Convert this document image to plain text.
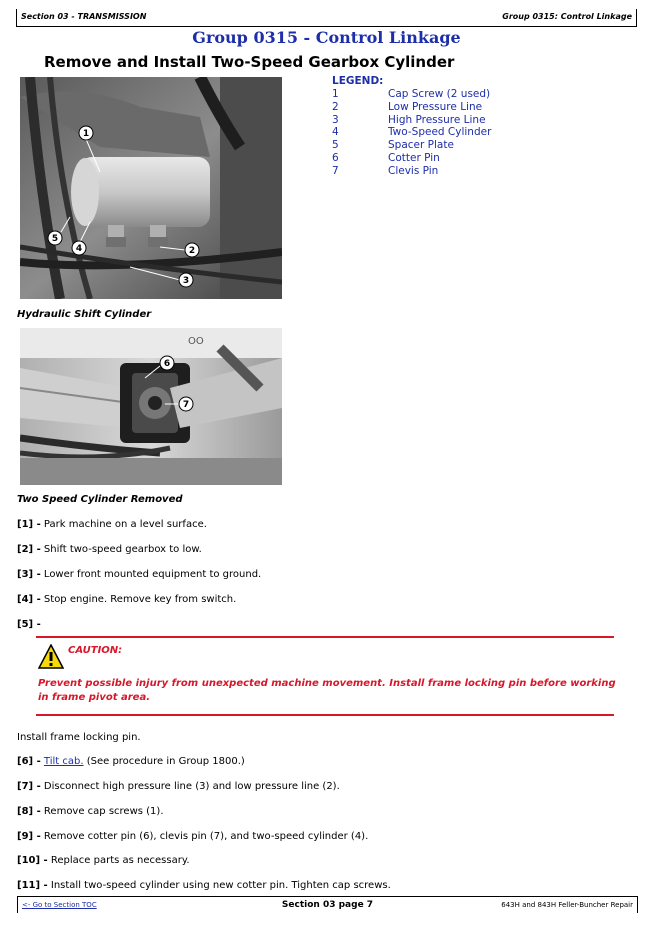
Section 03 - TRANSMISSION	Group 0315: Control Linkage
Group 0315 - Control Linkage
Remove and Install Two-Speed Gearbox Cylinder
1
2
3
4
5
LEGEND:
1	Cap Screw (2 used)
2	Low Pressure Line
3	High Pressure Line
4	Two-Speed Cylinder
5	Spacer Plate
6	Cotter Pin
7	Clevis Pin
Hydraulic Shift Cylinder
OO
6
7
Two Speed Cylinder Removed
[1] - Park machine on a level surface.
[2] - Shift two-speed gearbox to low.
[3] - Lower front mounted equipment to ground.
[4] - Stop engine. Remove key from switch.
[5] -
CAUTION:
Prevent possible injury from unexpected machine movement. Install frame locking pin before working in frame pivot area.
Install frame locking pin.
[6] - Tilt cab. (See procedure in Group 1800.)
[7] - Disconnect high pressure line (3) and low pressure line (2).
[8] - Remove cap screws (1).
[9] - Remove cotter pin (6), clevis pin (7), and two-speed cylinder (4).
[10] - Replace parts as necessary.
[11] - Install two-speed cylinder using new cotter pin. Tighten cap screws.
<- Go to Section TOC	Section 03 page 7	643H and 843H Feller-Buncher Repair
